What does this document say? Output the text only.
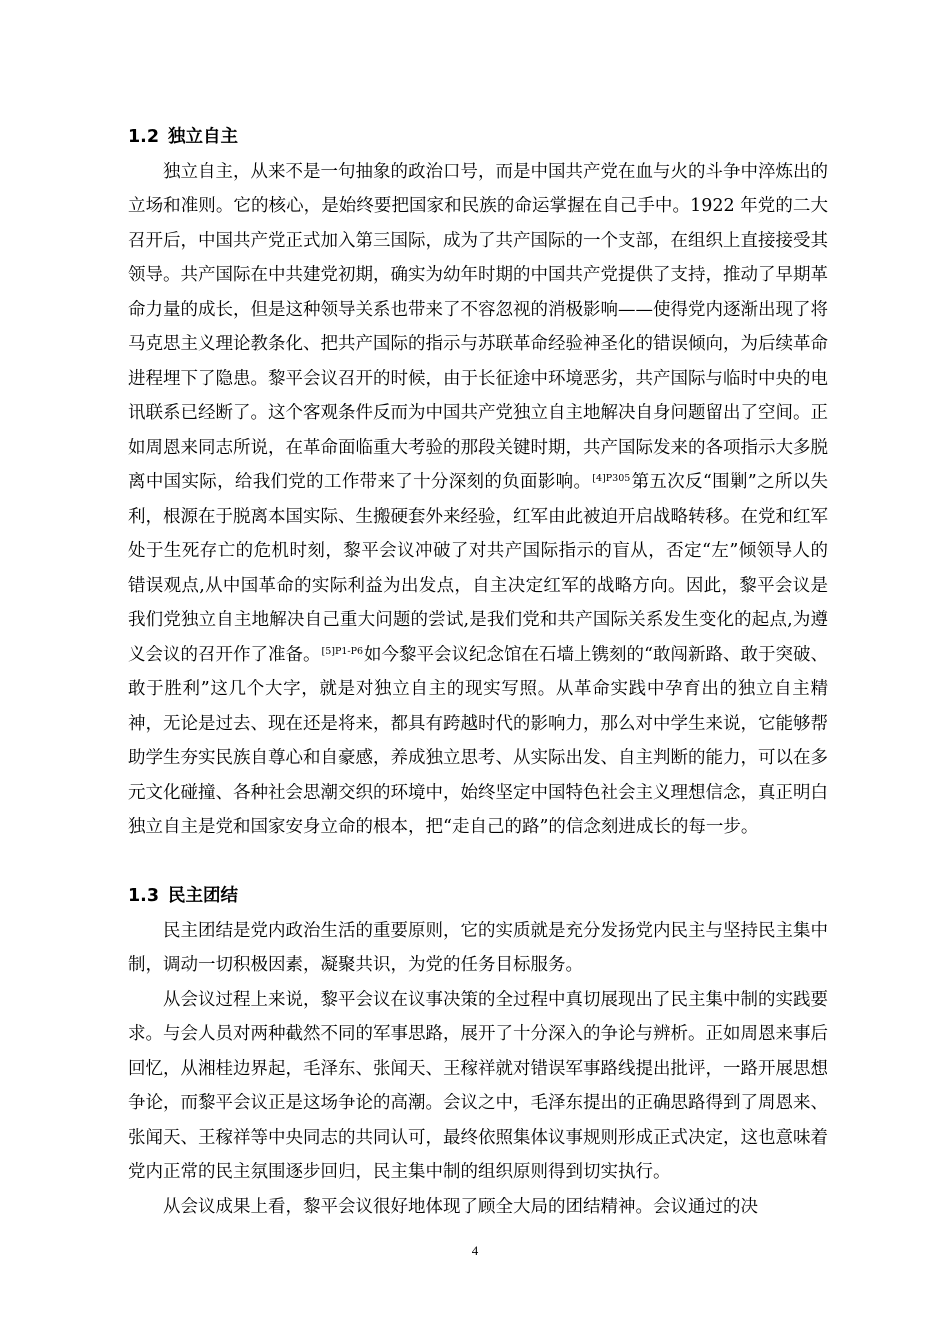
1.2 独立自主

独立自主，从来不是一句抽象的政治口号，而是中国共产党在血与火的斗争中淬炼出的立场和准则。它的核心，是始终要把国家和民族的命运掌握在自己手中。1922 年党的二大召开后，中国共产党正式加入第三国际，成为了共产国际的一个支部，在组织上直接接受其领导。共产国际在中共建党初期，确实为幼年时期的中国共产党提供了支持，推动了早期革命力量的成长，但是这种领导关系也带来了不容忽视的消极影响——使得党内逐渐出现了将马克思主义理论教条化、把共产国际的指示与苏联革命经验神圣化的错误倾向，为后续革命进程埋下了隐患。黎平会议召开的时候，由于长征途中环境恶劣，共产国际与临时中央的电讯联系已经断了。这个客观条件反而为中国共产党独立自主地解决自身问题留出了空间。正如周恩来同志所说，在革命面临重大考验的那段关键时期，共产国际发来的各项指示大多脱离中国实际，给我们党的工作带来了十分深刻的负面影响。$^{[4]P305}$第五次反“围剿”之所以失利，根源在于脱离本国实际、生搬硬套外来经验，红军由此被迫开启战略转移。在党和红军处于生死存亡的危机时刻，黎平会议冲破了对共产国际指示的盲从，否定“左”倾领导人的错误观点,从中国革命的实际利益为出发点，自主决定红军的战略方向。因此，黎平会议是我们党独立自主地解决自己重大问题的尝试,是我们党和共产国际关系发生变化的起点,为遵义会议的召开作了准备。$^{[5]P1-P6}$如今黎平会议纪念馆在石墙上镌刻的“敢闯新路、敢于突破、敢于胜利”这几个大字，就是对独立自主的现实写照。从革命实践中孕育出的独立自主精神，无论是过去、现在还是将来，都具有跨越时代的影响力，那么对中学生来说，它能够帮助学生夯实民族自尊心和自豪感，养成独立思考、从实际出发、自主判断的能力，可以在多元文化碰撞、各种社会思潮交织的环境中，始终坚定中国特色社会主义理想信念，真正明白独立自主是党和国家安身立命的根本，把“走自己的路”的信念刻进成长的每一步。

1.3 民主团结

民主团结是党内政治生活的重要原则，它的实质就是充分发扬党内民主与坚持民主集中制，调动一切积极因素，凝聚共识，为党的任务目标服务。

从会议过程上来说，黎平会议在议事决策的全过程中真切展现出了民主集中制的实践要求。与会人员对两种截然不同的军事思路，展开了十分深入的争论与辨析。正如周恩来事后回忆，从湘桂边界起，毛泽东、张闻天、王稼祥就对错误军事路线提出批评，一路开展思想争论，而黎平会议正是这场争论的高潮。会议之中，毛泽东提出的正确思路得到了周恩来、张闻天、王稼祥等中央同志的共同认可，最终依照集体议事规则形成正式决定，这也意味着党内正常的民主氛围逐步回归，民主集中制的组织原则得到切实执行。

从会议成果上看，黎平会议很好地体现了顾全大局的团结精神。会议通过的决

4
